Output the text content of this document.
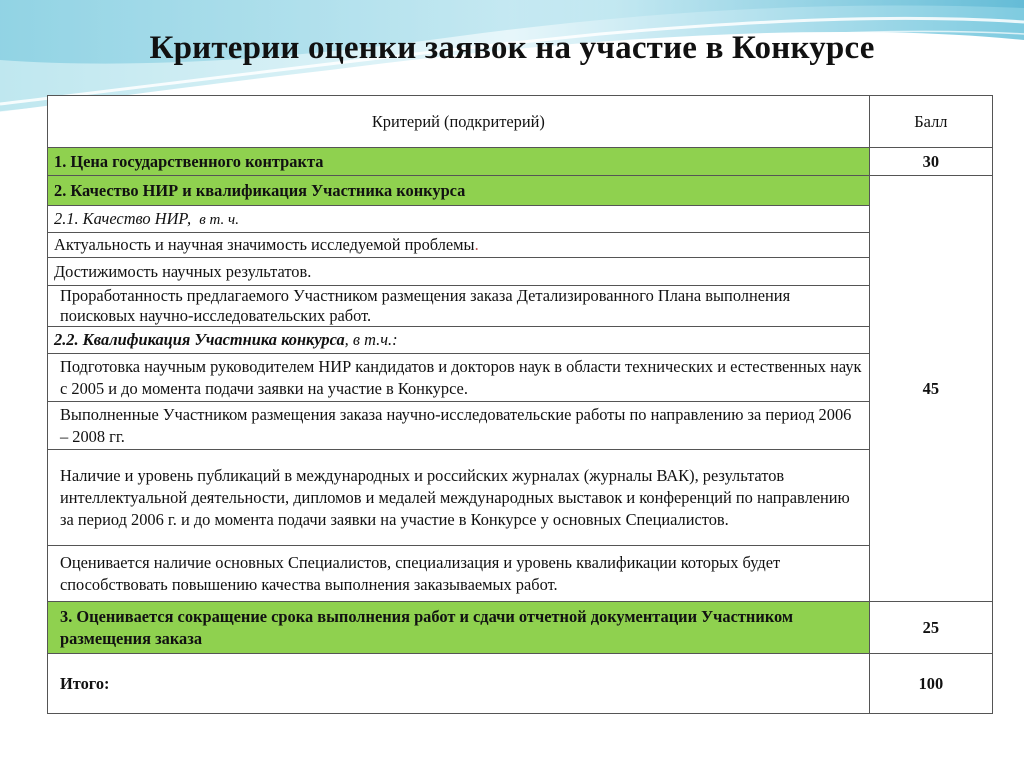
Критерии оценки заявок на участие в Конкурсе
Критерий (подкритерий)	Балл
1. Цена государственного контракта	30
2. Качество НИР и квалификация Участника конкурса	45
2.1. Качество НИР, в т. ч.	
Актуальность и научная значимость исследуемой проблемы.	
Достижимость научных результатов.	
Проработанность предлагаемого Участником размещения заказа Детализированного Плана выполнения поисковых научно-исследовательских работ.	
2.2. Квалификация Участника конкурса, в т.ч.:	
Подготовка научным руководителем НИР кандидатов и докторов наук в области технических и естественных наук с 2005 и до момента подачи заявки на участие в Конкурсе.	
Выполненные Участником размещения заказа научно-исследовательские работы по направлению за период 2006 – 2008 гг.	
Наличие и уровень публикаций в международных и российских журналах (журналы ВАК), результатов интеллектуальной деятельности, дипломов и медалей международных выставок и конференций по направлению за период 2006 г. и до момента подачи заявки на участие в Конкурсе у основных Специалистов.	
Оценивается наличие основных Специалистов, специализация и уровень квалификации которых будет способствовать повышению качества выполнения заказываемых работ.	
3. Оценивается сокращение срока выполнения работ и сдачи отчетной документации Участником размещения заказа	25
Итого:	100
